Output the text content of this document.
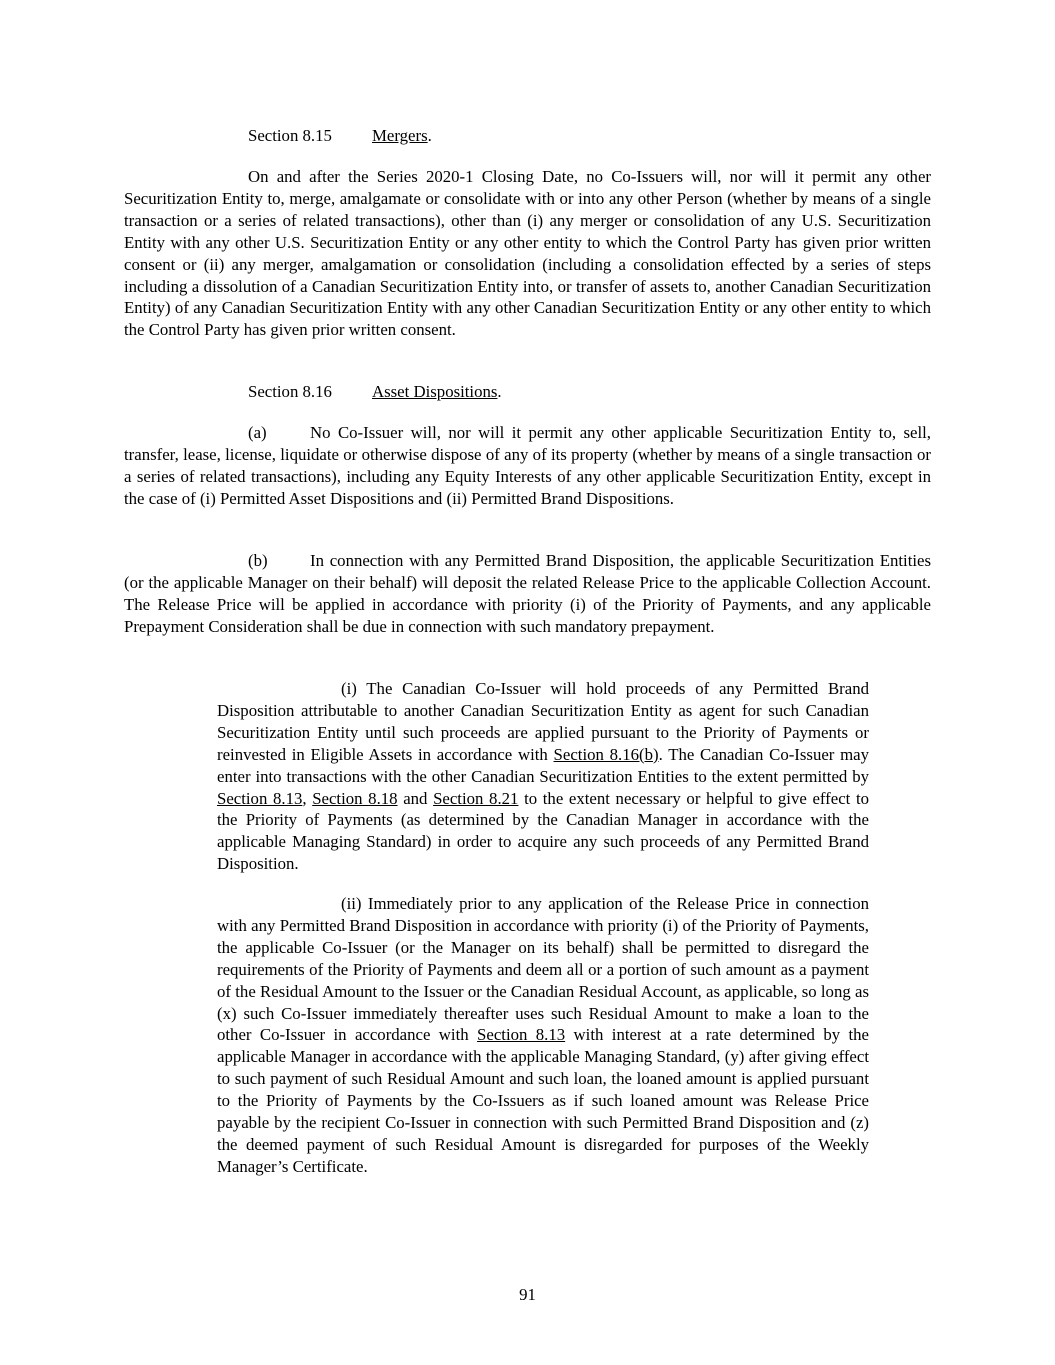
Section 8.15 Mergers.

On and after the Series 2020-1 Closing Date, no Co-Issuers will, nor will it permit any other Securitization Entity to, merge, amalgamate or consolidate with or into any other Person (whether by means of a single transaction or a series of related transactions), other than (i) any merger or consolidation of any U.S. Securitization Entity with any other U.S. Securitization Entity or any other entity to which the Control Party has given prior written consent or (ii) any merger, amalgamation or consolidation (including a consolidation effected by a series of steps including a dissolution of a Canadian Securitization Entity into, or transfer of assets to, another Canadian Securitization Entity) of any Canadian Securitization Entity with any other Canadian Securitization Entity or any other entity to which the Control Party has given prior written consent.

Section 8.16 Asset Dispositions.

(a)	No Co-Issuer will, nor will it permit any other applicable Securitization Entity to, sell, transfer, lease, license, liquidate or otherwise dispose of any of its property (whether by means of a single transaction or a series of related transactions), including any Equity Interests of any other applicable Securitization Entity, except in the case of (i) Permitted Asset Dispositions and (ii) Permitted Brand Dispositions.

(b)	In connection with any Permitted Brand Disposition, the applicable Securitization Entities (or the applicable Manager on their behalf) will deposit the related Release Price to the applicable Collection Account. The Release Price will be applied in accordance with priority (i) of the Priority of Payments, and any applicable Prepayment Consideration shall be due in connection with such mandatory prepayment.

(i) The Canadian Co-Issuer will hold proceeds of any Permitted Brand Disposition attributable to another Canadian Securitization Entity as agent for such Canadian Securitization Entity until such proceeds are applied pursuant to the Priority of Payments or reinvested in Eligible Assets in accordance with Section 8.16(b). The Canadian Co-Issuer may enter into transactions with the other Canadian Securitization Entities to the extent permitted by Section 8.13, Section 8.18 and Section 8.21 to the extent necessary or helpful to give effect to the Priority of Payments (as determined by the Canadian Manager in accordance with the applicable Managing Standard) in order to acquire any such proceeds of any Permitted Brand Disposition.

(ii) Immediately prior to any application of the Release Price in connection with any Permitted Brand Disposition in accordance with priority (i) of the Priority of Payments, the applicable Co-Issuer (or the Manager on its behalf) shall be permitted to disregard the requirements of the Priority of Payments and deem all or a portion of such amount as a payment of the Residual Amount to the Issuer or the Canadian Residual Account, as applicable, so long as (x) such Co-Issuer immediately thereafter uses such Residual Amount to make a loan to the other Co-Issuer in accordance with Section 8.13 with interest at a rate determined by the applicable Manager in accordance with the applicable Managing Standard, (y) after giving effect to such payment of such Residual Amount and such loan, the loaned amount is applied pursuant to the Priority of Payments by the Co-Issuers as if such loaned amount was Release Price payable by the recipient Co-Issuer in connection with such Permitted Brand Disposition and (z) the deemed payment of such Residual Amount is disregarded for purposes of the Weekly Manager’s Certificate.

91
